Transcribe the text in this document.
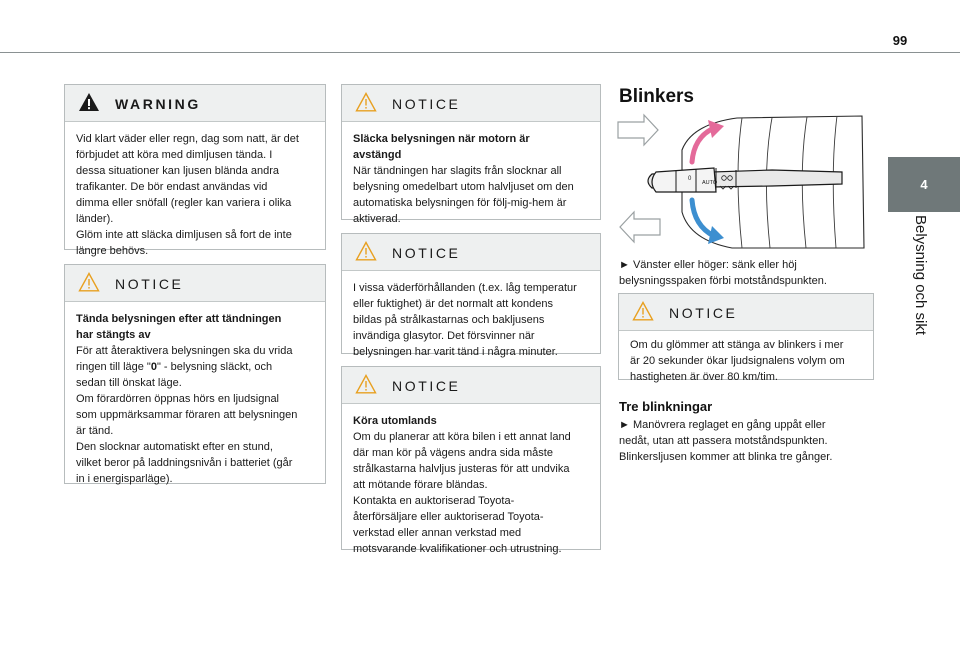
99
4
Belysning och sikt
WARNING

Vid klart väder eller regn, dag som natt, är det

förbjudet att köra med dimljusen tända. I

dessa situationer kan ljusen blända andra

trafikanter. De bör endast användas vid

dimma eller snöfall (regler kan variera i olika

länder).

Glöm inte att släcka dimljusen så fort de inte

längre behövs.

NOTICE

Tända belysningen efter att tändningen

har stängts av

För att återaktivera belysningen ska du vrida

ringen till läge "0" - belysning släckt, och

sedan till önskat läge.

Om förardörren öppnas hörs en ljudsignal

som uppmärksammar föraren att belysningen

är tänd.

Den slocknar automatiskt efter en stund,

vilket beror på laddningsnivån i batteriet (går

in i energisparläge).

NOTICE

Släcka belysningen när motorn är

avstängd

När tändningen har slagits från slocknar all

belysning omedelbart utom halvljuset om den

automatiska belysningen för följ-mig-hem är

aktiverad.

NOTICE

I vissa väderförhållanden (t.ex. låg temperatur

eller fuktighet) är det normalt att kondens

bildas på strålkastarnas och bakljusens

invändiga glasytor. Det försvinner när

belysningen har varit tänd i några minuter.

NOTICE

Köra utomlands

Om du planerar att köra bilen i ett annat land

där man kör på vägens andra sida måste

strålkastarna halvljus justeras för att undvika

att mötande förare bländas.

Kontakta en auktoriserad Toyota-

återförsäljare eller auktoriserad Toyota-

verkstad eller annan verkstad med

motsvarande kvalifikationer och utrustning.

Blinkers
AUTO
0

► Vänster eller höger: sänk eller höj

belysningsspaken förbi motståndspunkten.

NOTICE

Om du glömmer att stänga av blinkers i mer

är 20 sekunder ökar ljudsignalens volym om

hastigheten är över 80 km/tim.

Tre blinkningar

► Manövrera reglaget en gång uppåt eller

nedåt, utan att passera motståndspunkten.

Blinkersljusen kommer att blinka tre gånger.
